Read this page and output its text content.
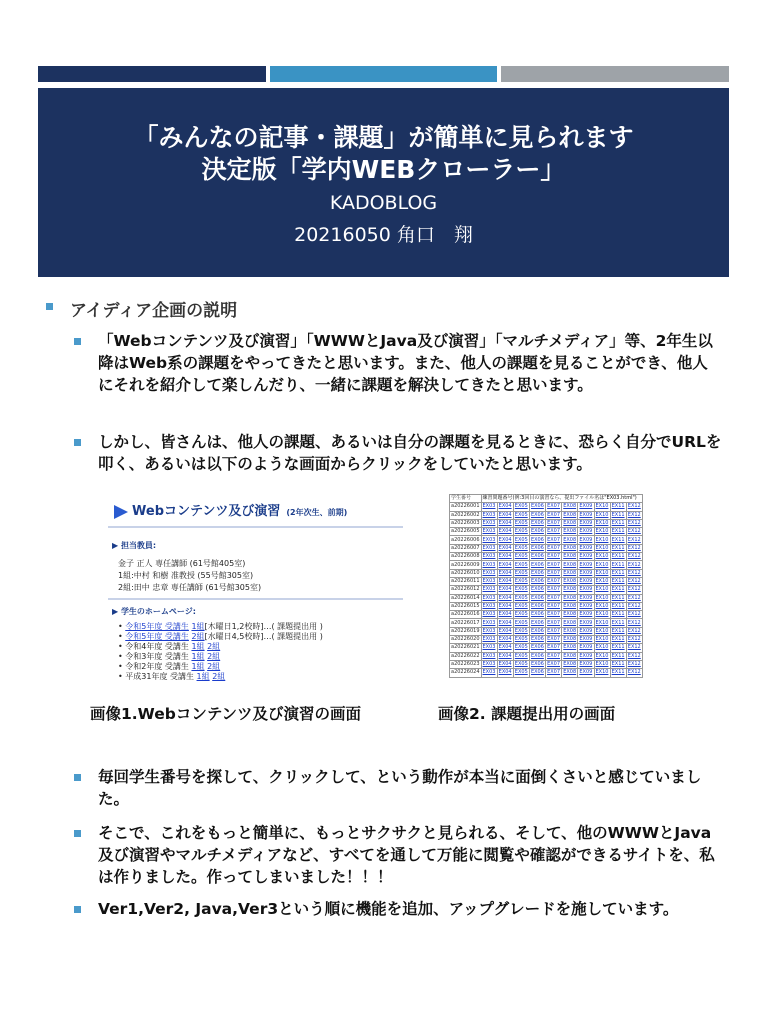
「みんなの記事・課題」が簡単に見られます
決定版「学内WEBクローラー」
KADOBLOG
20216050 角口　翔
アイディア企画の説明
「Webコンテンツ及び演習」「WWWとJava及び演習」「マルチメディア」等、2年生以降はWeb系の課題をやってきたと思います。また、他人の課題を見ることができ、他人にそれを紹介して楽しんだり、一緒に課題を解決してきたと思います。
しかし、皆さんは、他人の課題、あるいは自分の課題を見るときに、恐らく自分でURLを叩く、あるいは以下のような画面からクリックをしていたと思います。
Webコンテンツ及び演習 (2年次生、前期)
▶ 担当教員:
金子 正人 専任講師 (61号館405室)
1組:中村 和樹 准教授 (55号館305室)
2組:田中 忠章 専任講師 (61号館305室)
▶ 学生のホームページ:
• 令和5年度 受講生 1組[木曜日1,2校時]…( 課題提出用 )
• 令和5年度 受講生 2組[水曜日4,5校時]…( 課題提出用 )
• 令和4年度 受講生 1組 2組
• 令和3年度 受講生 1組 2組
• 令和2年度 受講生 1組 2組
• 平成31年度 受講生 1組 2組
学生番号	練習問題番号(例:3回目の演習なら、提出ファイル名は"EX03.html")									
a20226001	EX03	EX04	EX05	EX06	EX07	EX08	EX09	EX10	EX11	EX12
a20226002	EX03	EX04	EX05	EX06	EX07	EX08	EX09	EX10	EX11	EX12
a20226003	EX03	EX04	EX05	EX06	EX07	EX08	EX09	EX10	EX11	EX12
a20226005	EX03	EX04	EX05	EX06	EX07	EX08	EX09	EX10	EX11	EX12
a20226006	EX03	EX04	EX05	EX06	EX07	EX08	EX09	EX10	EX11	EX12
a20226007	EX03	EX04	EX05	EX06	EX07	EX08	EX09	EX10	EX11	EX12
a20226008	EX03	EX04	EX05	EX06	EX07	EX08	EX09	EX10	EX11	EX12
a20226009	EX03	EX04	EX05	EX06	EX07	EX08	EX09	EX10	EX11	EX12
a20226010	EX03	EX04	EX05	EX06	EX07	EX08	EX09	EX10	EX11	EX12
a20226011	EX03	EX04	EX05	EX06	EX07	EX08	EX09	EX10	EX11	EX12
a20226012	EX03	EX04	EX05	EX06	EX07	EX08	EX09	EX10	EX11	EX12
a20226014	EX03	EX04	EX05	EX06	EX07	EX08	EX09	EX10	EX11	EX12
a20226015	EX03	EX04	EX05	EX06	EX07	EX08	EX09	EX10	EX11	EX12
a20226016	EX03	EX04	EX05	EX06	EX07	EX08	EX09	EX10	EX11	EX12
a20226017	EX03	EX04	EX05	EX06	EX07	EX08	EX09	EX10	EX11	EX12
a20226019	EX03	EX04	EX05	EX06	EX07	EX08	EX09	EX10	EX11	EX12
a20226020	EX03	EX04	EX05	EX06	EX07	EX08	EX09	EX10	EX11	EX12
a20226021	EX03	EX04	EX05	EX06	EX07	EX08	EX09	EX10	EX11	EX12
a20226022	EX03	EX04	EX05	EX06	EX07	EX08	EX09	EX10	EX11	EX12
a20226023	EX03	EX04	EX05	EX06	EX07	EX08	EX09	EX10	EX11	EX12
a20226024	EX03	EX04	EX05	EX06	EX07	EX08	EX09	EX10	EX11	EX12
画像1.Webコンテンツ及び演習の画面	画像2. 課題提出用の画面
毎回学生番号を探して、クリックして、という動作が本当に面倒くさいと感じていました。
そこで、これをもっと簡単に、もっとサクサクと見られる、そして、他のWWWとJava及び演習やマルチメディアなど、すべてを通して万能に閲覧や確認ができるサイトを、私は作りました。作ってしまいました！！！
Ver1,Ver2, Java,Ver3という順に機能を追加、アップグレードを施しています。
